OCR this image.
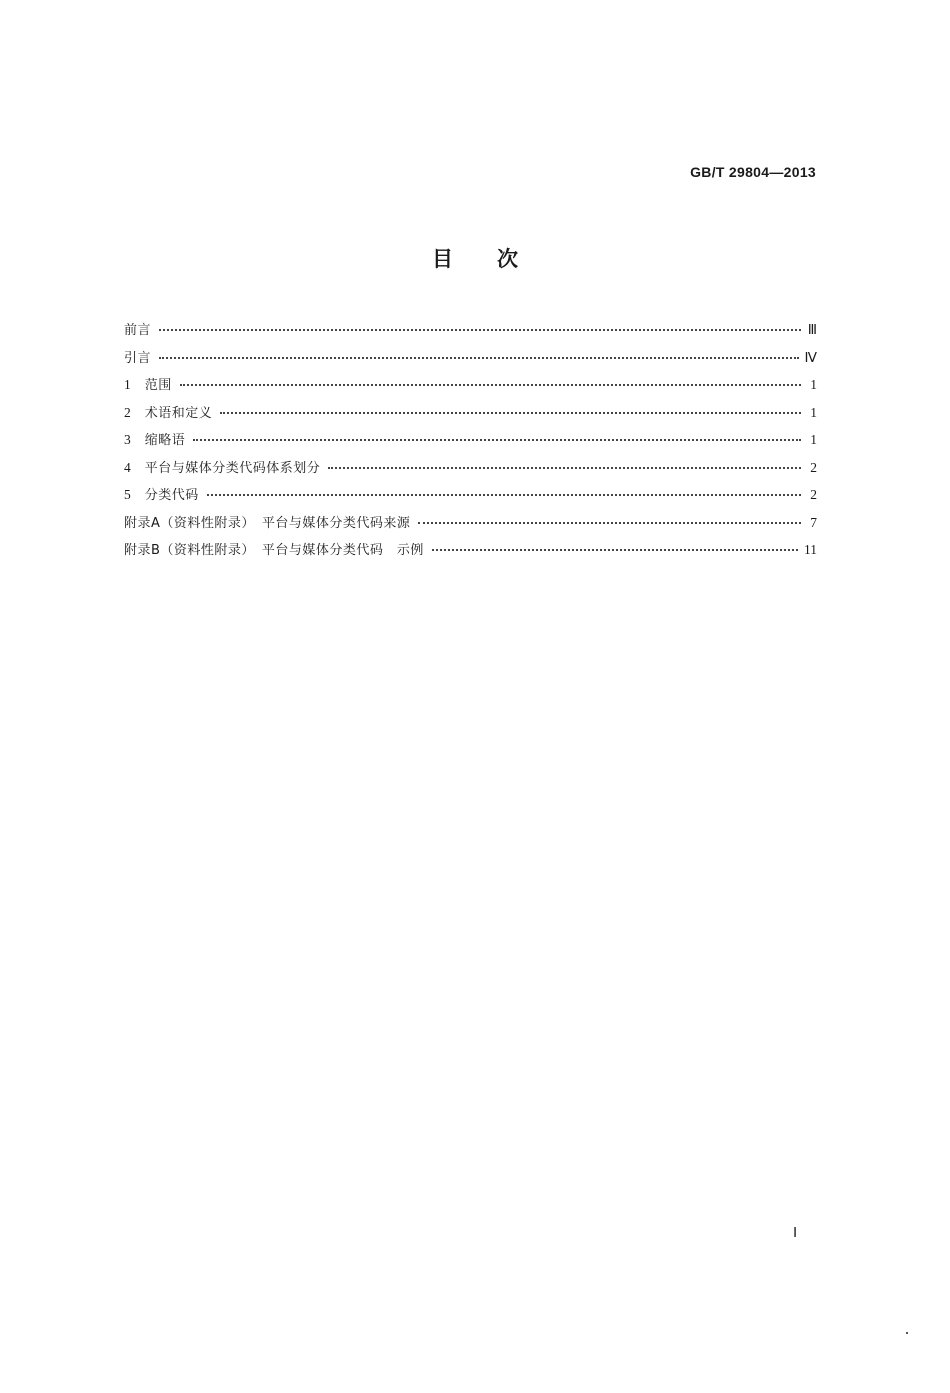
GB/T 29804—2013
目次
前言	Ⅲ
引言	Ⅳ
1 范围	1
2 术语和定义	1
3 缩略语	1
4 平台与媒体分类代码体系划分	2
5 分类代码	2
附录A（资料性附录）　平台与媒体分类代码来源	7
附录B（资料性附录）　平台与媒体分类代码　示例	11
Ⅰ
